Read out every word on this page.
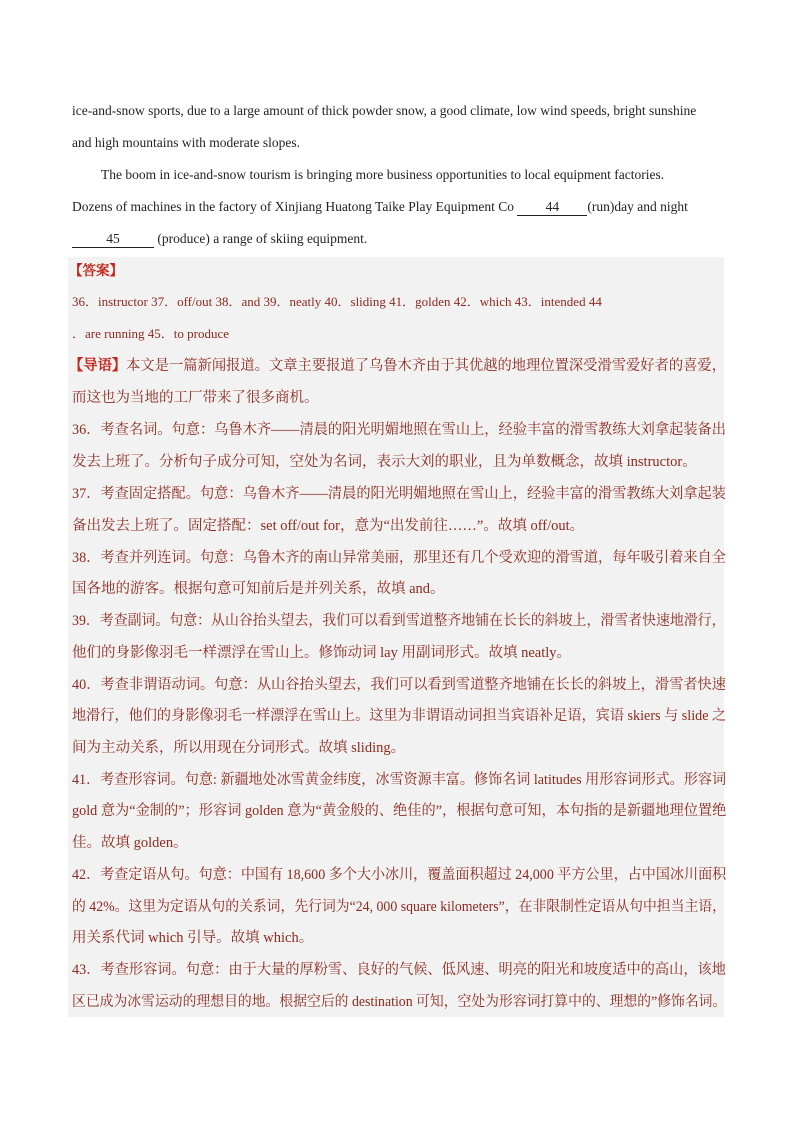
ice-and-snow sports, due to a large amount of thick powder snow, a good climate, low wind speeds, bright sunshine
and high mountains with moderate slopes.
The boom in ice-and-snow tourism is bringing more business opportunities to local equipment factories.
Dozens of machines in the factory of Xinjiang Huatong Taike Play Equipment Co 44 (run)day and night
45	(produce) a range of skiing equipment.
【答案】
36．instructor 37．off/out 38．and 39．neatly 40．sliding 41．golden 42．which 43．intended 44
．are running 45．to produce
【导语】本文是一篇新闻报道。文章主要报道了乌鲁木齐由于其优越的地理位置深受滑雪爱好者的喜爱，
而这也为当地的工厂带来了很多商机。
36．考查名词。句意：乌鲁木齐——清晨的阳光明媚地照在雪山上，经验丰富的滑雪教练大刘拿起装备出
发去上班了。分析句子成分可知，空处为名词，表示大刘的职业，且为单数概念，故填 instructor。
37．考查固定搭配。句意：乌鲁木齐——清晨的阳光明媚地照在雪山上，经验丰富的滑雪教练大刘拿起装
备出发去上班了。固定搭配：set off/out for，意为“出发前往……”。故填 off/out。
38．考查并列连词。句意：乌鲁木齐的南山异常美丽，那里还有几个受欢迎的滑雪道，每年吸引着来自全
国各地的游客。根据句意可知前后是并列关系，故填 and。
39．考查副词。句意：从山谷抬头望去，我们可以看到雪道整齐地铺在长长的斜坡上，滑雪者快速地滑行，
他们的身影像羽毛一样漂浮在雪山上。修饰动词 lay 用副词形式。故填 neatly。
40．考查非谓语动词。句意：从山谷抬头望去，我们可以看到雪道整齐地铺在长长的斜坡上，滑雪者快速
地滑行，他们的身影像羽毛一样漂浮在雪山上。这里为非谓语动词担当宾语补足语，宾语 skiers 与 slide 之
间为主动关系，所以用现在分词形式。故填 sliding。
41．考查形容词。句意: 新疆地处冰雪黄金纬度，冰雪资源丰富。修饰名词 latitudes 用形容词形式。形容词
gold 意为“金制的”；形容词 golden 意为“黄金般的、绝佳的”，根据句意可知，本句指的是新疆地理位置绝
佳。故填 golden。
42．考查定语从句。句意：中国有 18,600 多个大小冰川，覆盖面积超过 24,000 平方公里，占中国冰川面积
的 42%。这里为定语从句的关系词，先行词为“24, 000 square kilometers”，在非限制性定语从句中担当主语，
用关系代词 which 引导。故填 which。
43．考查形容词。句意：由于大量的厚粉雪、良好的气候、低风速、明亮的阳光和坡度适中的高山，该地
区已成为冰雪运动的理想目的地。根据空后的 destination 可知，空处为形容词打算中的、理想的”修饰名词。
